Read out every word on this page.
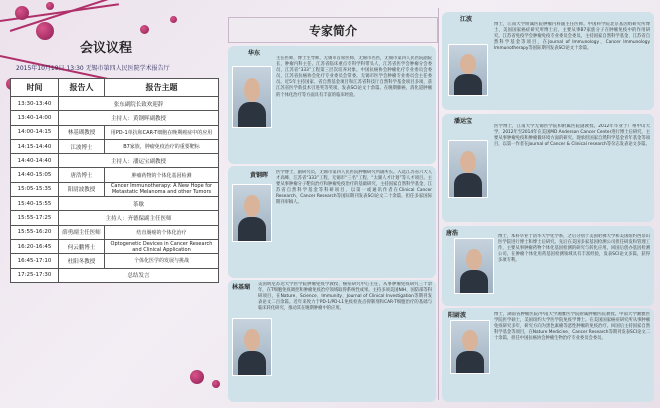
会议议程
2015年10月19日 13:30 无锡市第四人民医院学术报告厅
时间	报告人	报告主题
13:30-13:40	张东副院长致欢迎辞	
13:40-14:00	主持人：黄钢晖副教授	
14:00-14:15	林基瑚教授	用PD-1单抗和CAR-T细胞在晚期癌症中的应用
14:15-14:40	江波博士	B7家族，肿瘤免疫治疗的重要靶标
14:40-14:40	主持人：潘运宝副教授	
14:40-15:05	唐浩博士	肿瘤药物的个体化基因检测
15:05-15:35	阳尉波教授	Cancer Immunotherapy: A New Hope for Metastatic Melanoma and other Tumors
15:40-15:55	茶歇	
15:55-17:25	主持人：齐德保副主任医师	
15:55-16:20	薛勇副主任医师	结直肠癌的个体化治疗
16:20-16:45	何云鹏博士	Optogenetic Devices in Cancer Research and Clinical Application
16:45-17:10	杜阳冬教授	个体化医学的发展与挑战
17:25-17:30	总结发言	
专家简介
华东
主任医师，博士生导师，无锡市首席医师，无锡市名医，无锡市第四人民医院副院长，肿瘤内科主任。江苏省临床重点专科学科带头人，江苏省医学会肿瘤分会委员，江苏省“333”工程第三层次培养对象。中国抗癌协会肿瘤化疗专业委员会委员，江苏省抗癌协会化疗专业委员会常委。无锡市医学会肿瘤专业委员会主任委员。近5年主持国家、省自然基金项目和江苏省科技厅自然科学基金项目多项，获江苏省医学新技术引进奖等奖项，发表SCI论文十余篇。在晚期肺癌、消化道肿瘤的个体化治疗等方面具有丰富的临床经验。
黄钢晖 医学博士，副研究员，无锡市第四人民医院肿瘤研究所副所长。入选江苏省六大人才高峰、江苏省“333”工程、无锡市“三名”工程、“太湖人才计划”等人才项目。主要从事肿瘤分子靶向治疗和肿瘤免疫治疗的基础研究，主持国家自然科学基金、江苏省自然科学基金等科研项目，以第一或通讯作者在Clinical Cancer Research、Cancer Research等国际期刊发表SCI论文二十余篇，担任多家国际期刊审稿人。
林基瑚 美国明尼苏达大学医学院肿瘤免疫学教授、癌症研究中心主任，从事肿瘤免疫研究三十余年，在T细胞免疫调控和肿瘤免疫治疗领域取得系统性成果。主持多项美国NIH、国防部等科研项目，在Nature、Science、Immunity、Journal of Clinical Investigation等期刊发表论文二百余篇。近年来致力于PD-1/PD-L1免疫检查点抑制剂和CAR-T细胞治疗的基础与临床转化研究，推动其在晚期肿瘤中的应用。
江波
博士，江南大学附属医院肿瘤内科副主任医师。中国科学院北京基因组研究所博士，美国国家癌症研究所博士后，主要从事B7家族分子在肿瘤免疫中的作用研究。江苏省免疫学会肿瘤免疫专业委员会委员。主持国家自然科学基金、江苏省自然科学基金等项目，在Journal of Immunology、Cancer Immunology Immunotherapy等国际期刊发表SCI论文十余篇。
潘运宝
医学博士，江南大学无锡医学院和附属医院副教授。2012年毕业于广州中山大学，2012年至2014年在美国MD Anderson Cancer Center进行博士后研究，主要从事肿瘤免疫和肿瘤微环境方面的研究。现承担国家自然科学基金青年基金等项目，以第一作者在Journal of Cancer & Clinical research等杂志发表论文多篇。
唐浩	博士，本科毕业于清华大学化学系，之后分别于美国哈佛大学和美国纽约西奈山医学院进行博士和博士后研究。先后在美国多家基因检测公司担任研发和管理工作，主要从事肿瘤药物个体化基因检测的研究与转化应用。回国后创办基因检测公司，在肿瘤个体化用药基因检测领域具有丰富经验，发表SCI论文多篇，获得多项专利。
阳尉波	博士，湖南省肿瘤医院/中南大学湘雅医学院附属肿瘤医院教授。中南大学湘雅医学院医学硕士，美国纽约大学医学院免疫学博士。在美国国家癌症研究所从事肿瘤免疫研究多年，研究方向为黑色素瘤等恶性肿瘤的免疫治疗。回国后主持国家自然科学基金等项目，在Nature Medicine、Cancer Research等期刊发表SCI论文二十余篇，担任中国抗癌协会肿瘤生物治疗专业委员会委员。
